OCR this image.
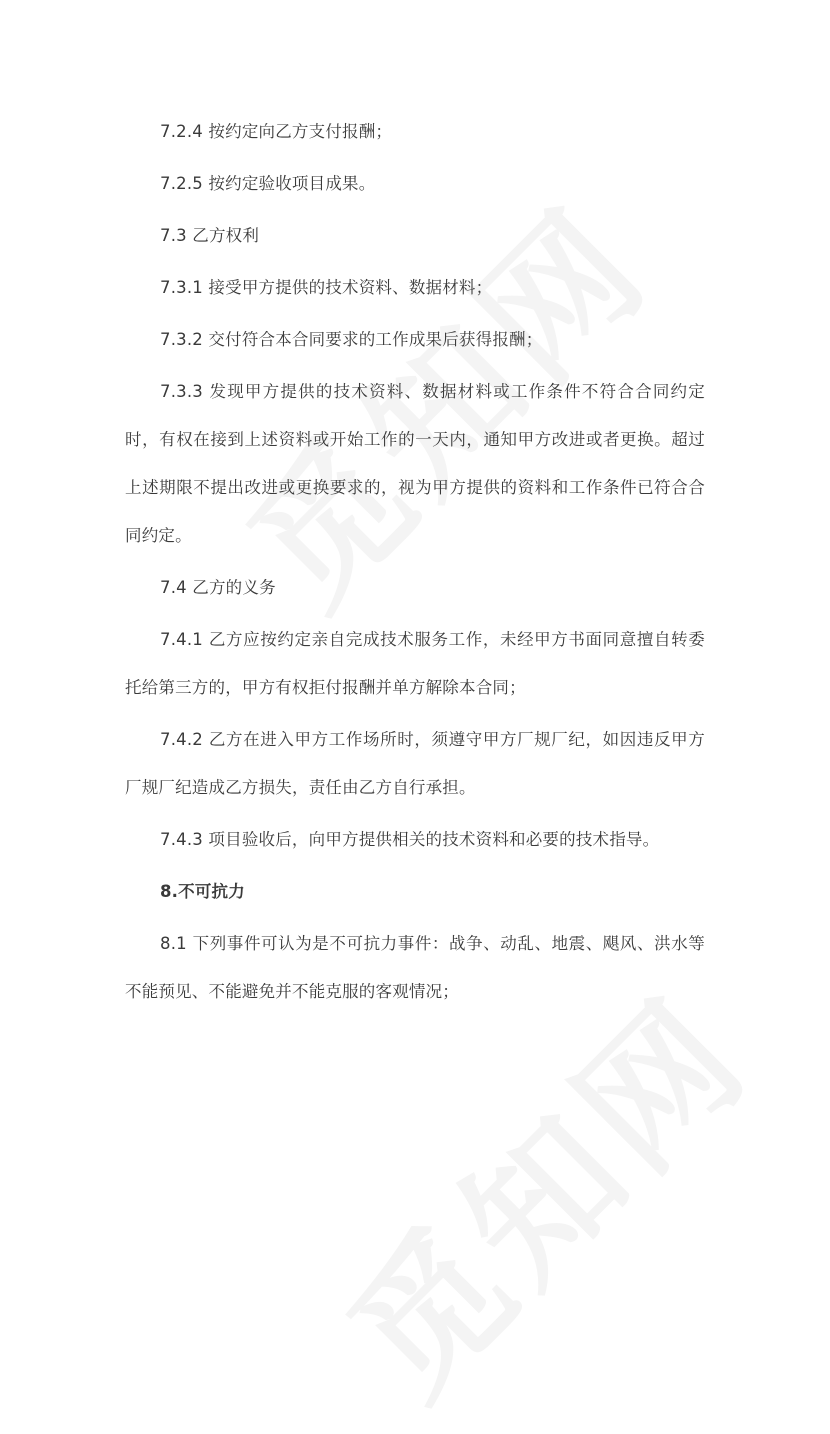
7.2.4 按约定向乙方支付报酬；

7.2.5 按约定验收项目成果。

7.3 乙方权利

7.3.1 接受甲方提供的技术资料、数据材料；

7.3.2 交付符合本合同要求的工作成果后获得报酬；

7.3.3 发现甲方提供的技术资料、数据材料或工作条件不符合合同约定时，有权在接到上述资料或开始工作的一天内，通知甲方改进或者更换。超过上述期限不提出改进或更换要求的，视为甲方提供的资料和工作条件已符合合同约定。

7.4 乙方的义务

7.4.1 乙方应按约定亲自完成技术服务工作，未经甲方书面同意擅自转委托给第三方的，甲方有权拒付报酬并单方解除本合同；

7.4.2 乙方在进入甲方工作场所时，须遵守甲方厂规厂纪，如因违反甲方厂规厂纪造成乙方损失，责任由乙方自行承担。

7.4.3 项目验收后，向甲方提供相关的技术资料和必要的技术指导。

8.不可抗力

8.1 下列事件可认为是不可抗力事件：战争、动乱、地震、飓风、洪水等不能预见、不能避免并不能克服的客观情况；
